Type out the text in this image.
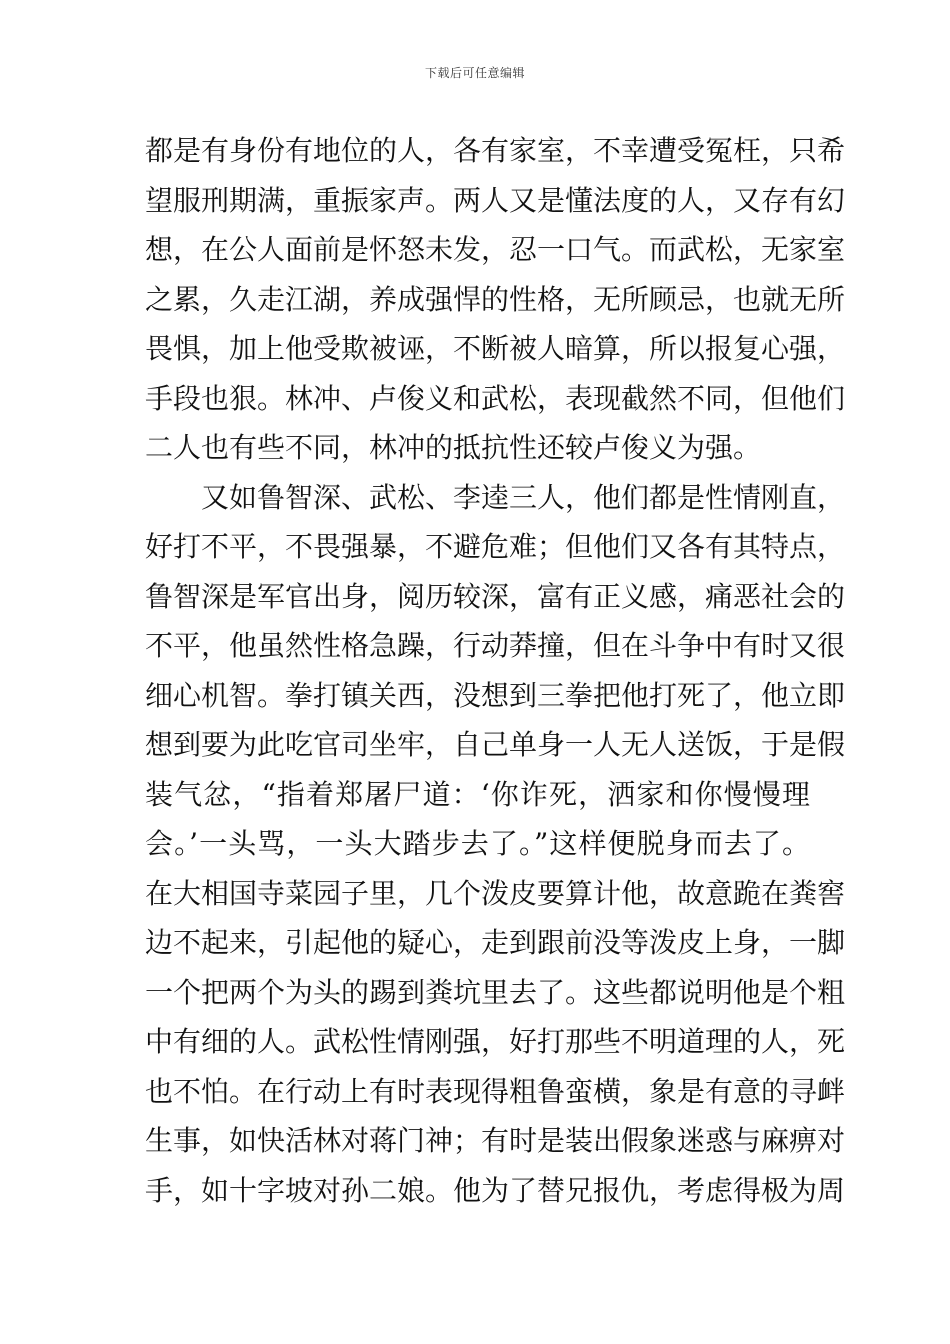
下载后可任意编辑
都是有身份有地位的人，各有家室，不幸遭受冤枉，只希
望服刑期满，重振家声。两人又是懂法度的人，又存有幻
想，在公人面前是怀怒未发，忍一口气。而武松，无家室
之累，久走江湖，养成强悍的性格，无所顾忌，也就无所
畏惧，加上他受欺被诬，不断被人暗算，所以报复心强，
手段也狠。林冲、卢俊义和武松，表现截然不同，但他们
二人也有些不同，林冲的抵抗性还较卢俊义为强。
又如鲁智深、武松、李逵三人，他们都是性情刚直，
好打不平，不畏强暴，不避危难；但他们又各有其特点，
鲁智深是军官出身，阅历较深，富有正义感，痛恶社会的
不平，他虽然性格急躁，行动莽撞，但在斗争中有时又很
细心机智。拳打镇关西，没想到三拳把他打死了，他立即
想到要为此吃官司坐牢，自己单身一人无人送饭，于是假
装气忿，“指着郑屠尸道：‘你诈死，洒家和你慢慢理
会。’一头骂，一头大踏步去了。”这样便脱身而去了。
在大相国寺菜园子里，几个泼皮要算计他，故意跪在粪窖
边不起来，引起他的疑心，走到跟前没等泼皮上身，一脚
一个把两个为头的踢到粪坑里去了。这些都说明他是个粗
中有细的人。武松性情刚强，好打那些不明道理的人，死
也不怕。在行动上有时表现得粗鲁蛮横，象是有意的寻衅
生事，如快活林对蒋门神；有时是装出假象迷惑与麻痹对
手，如十字坡对孙二娘。他为了替兄报仇，考虑得极为周
